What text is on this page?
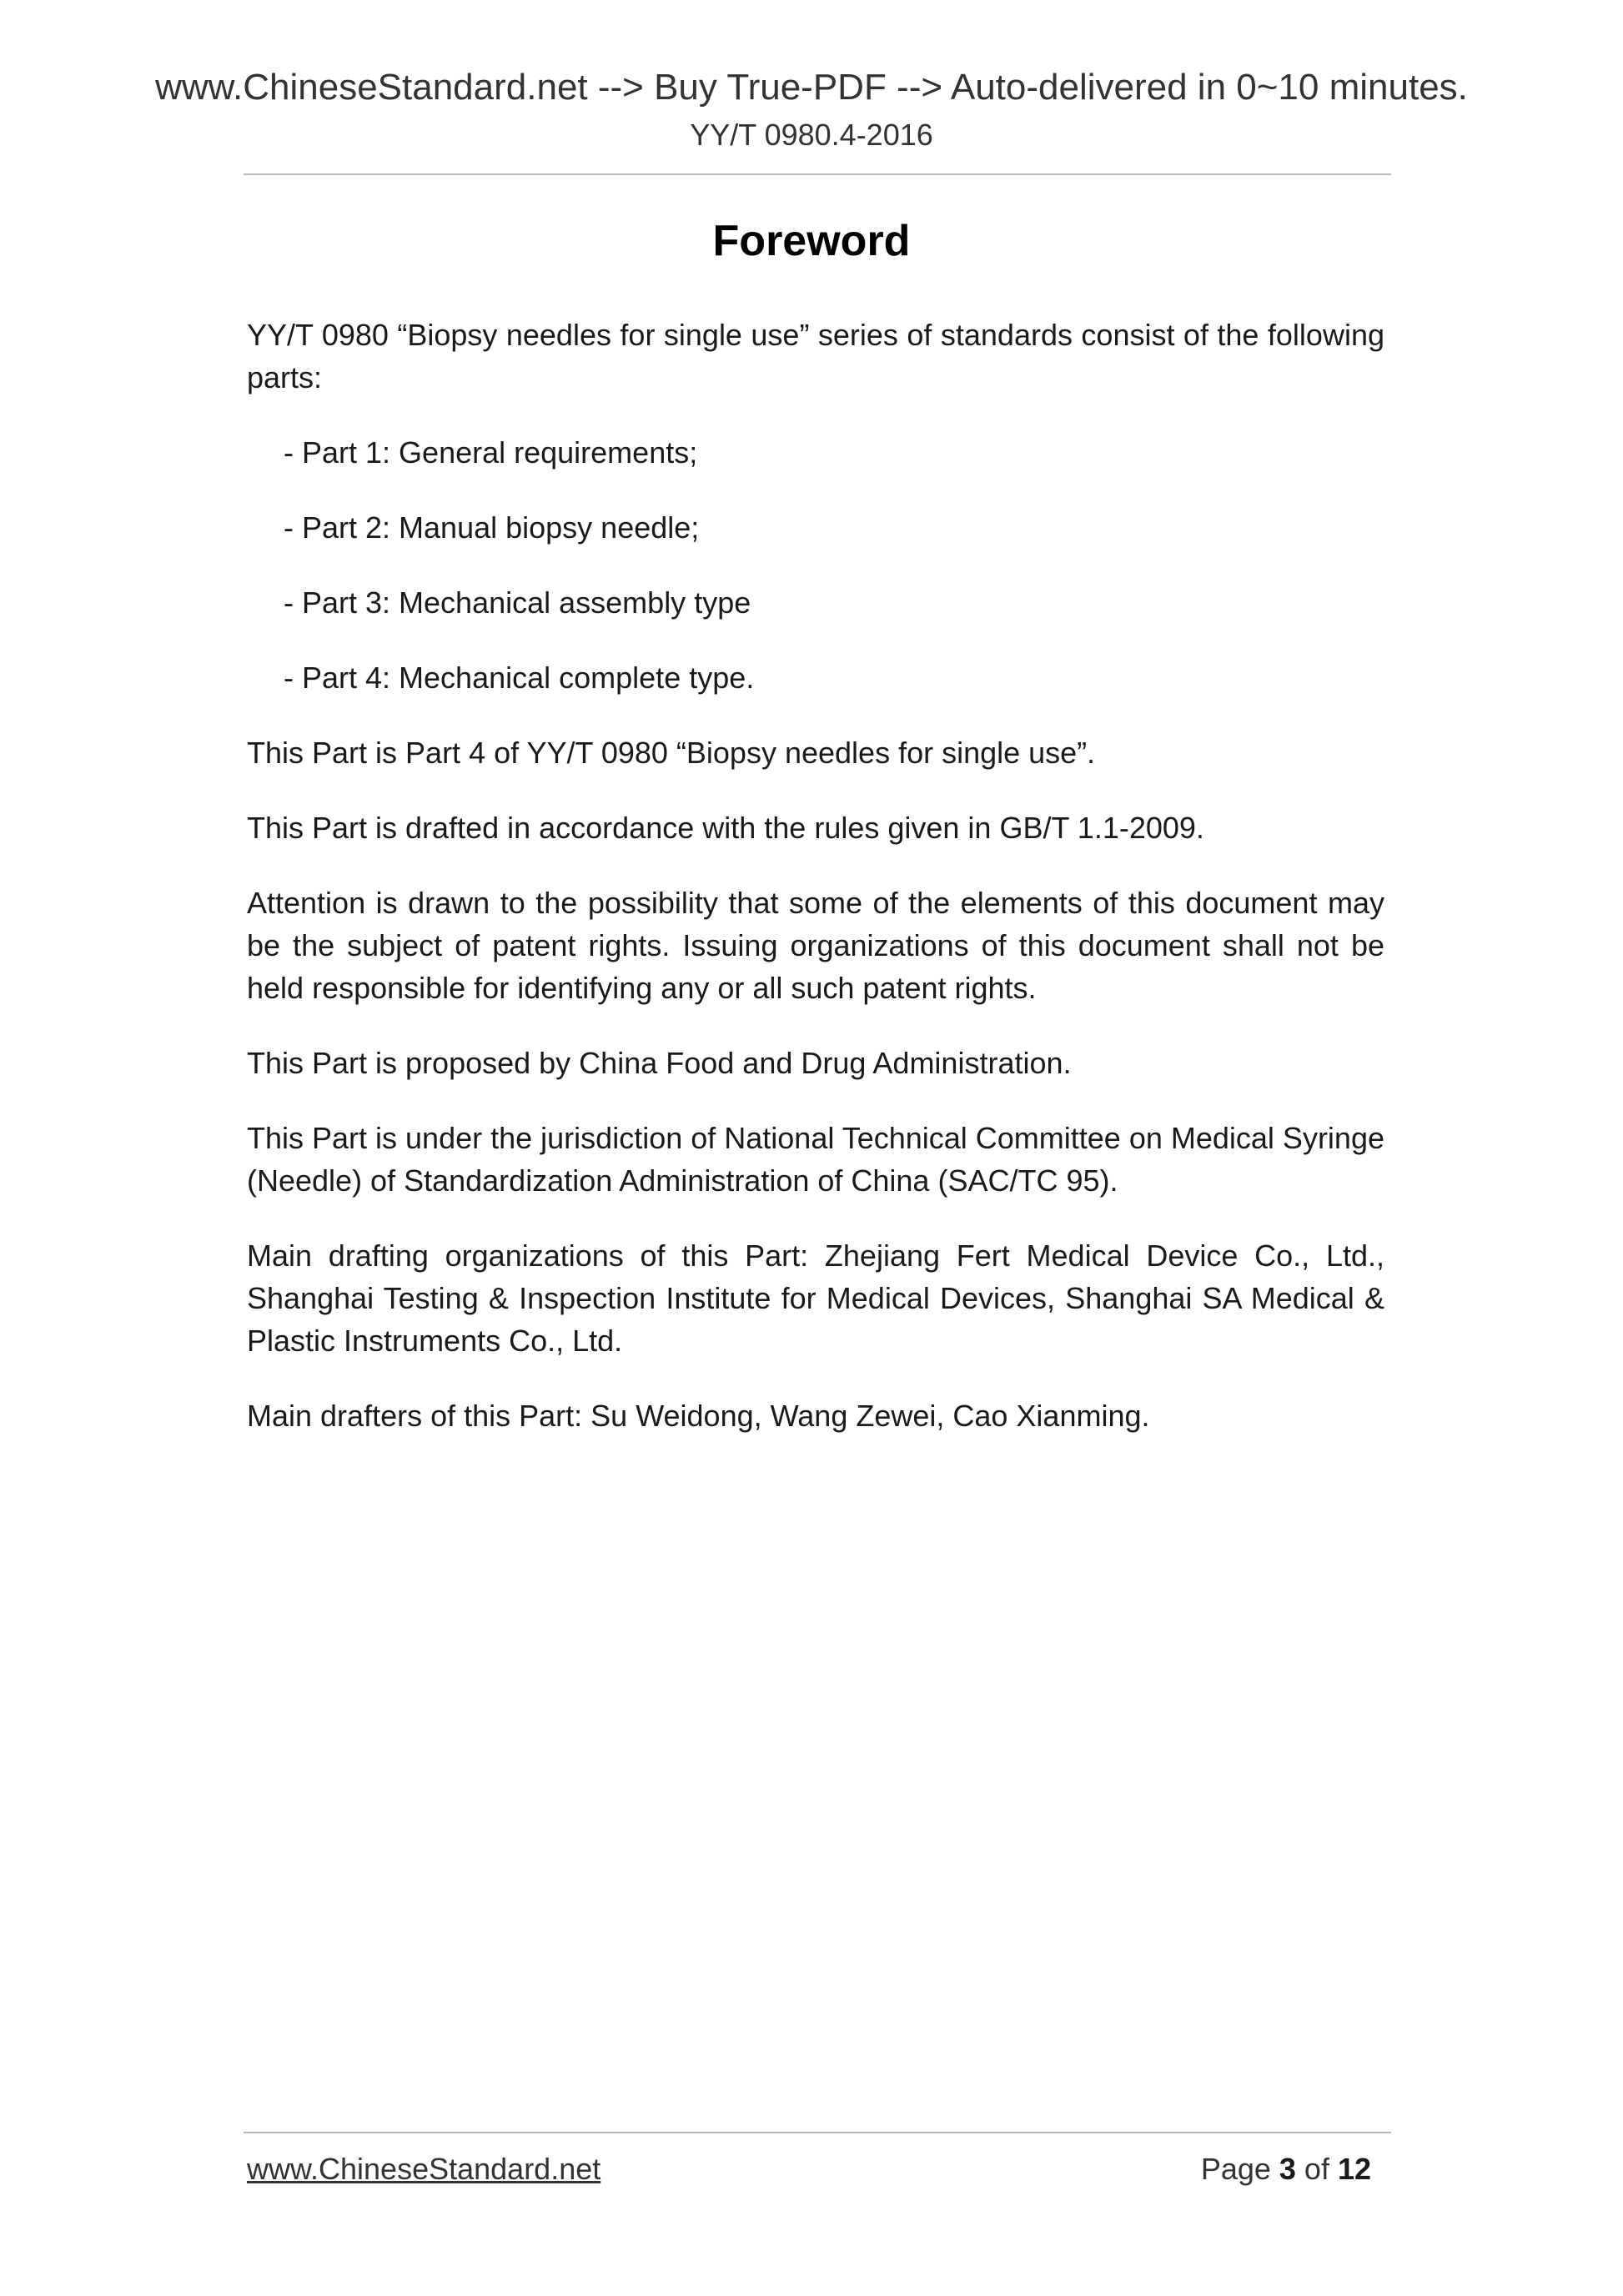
www.ChineseStandard.net --> Buy True-PDF --> Auto-delivered in 0~10 minutes.
YY/T 0980.4-2016
Foreword

YY/T 0980 “Biopsy needles for single use” series of standards consist of the following parts:

- Part 1: General requirements;
- Part 2: Manual biopsy needle;
- Part 3: Mechanical assembly type
- Part 4: Mechanical complete type.

This Part is Part 4 of YY/T 0980 “Biopsy needles for single use”.

This Part is drafted in accordance with the rules given in GB/T 1.1-2009.

Attention is drawn to the possibility that some of the elements of this document may be the subject of patent rights. Issuing organizations of this document shall not be held responsible for identifying any or all such patent rights.

This Part is proposed by China Food and Drug Administration.

This Part is under the jurisdiction of National Technical Committee on Medical Syringe (Needle) of Standardization Administration of China (SAC/TC 95).

Main drafting organizations of this Part: Zhejiang Fert Medical Device Co., Ltd., Shanghai Testing & Inspection Institute for Medical Devices, Shanghai SA Medical & Plastic Instruments Co., Ltd.

Main drafters of this Part: Su Weidong, Wang Zewei, Cao Xianming.

www.ChineseStandard.net	Page 3 of 12
